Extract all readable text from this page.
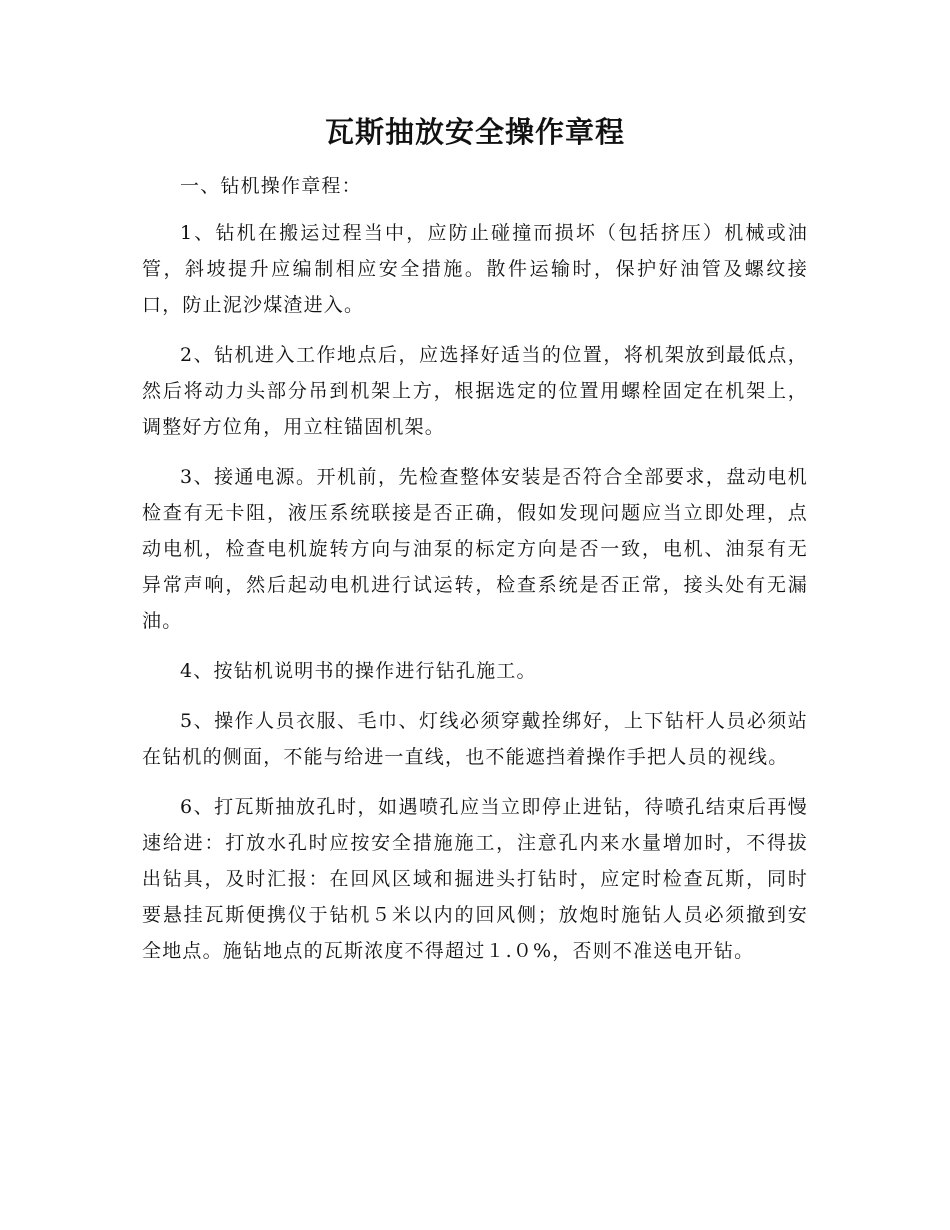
瓦斯抽放安全操作章程

一、钻机操作章程：

1、钻机在搬运过程当中，应防止碰撞而损坏（包括挤压）机械或油管，斜坡提升应编制相应安全措施。散件运输时，保护好油管及螺纹接口，防止泥沙煤渣进入。

2、钻机进入工作地点后，应选择好适当的位置，将机架放到最低点，然后将动力头部分吊到机架上方，根据选定的位置用螺栓固定在机架上，调整好方位角，用立柱锚固机架。

3、接通电源。开机前，先检查整体安装是否符合全部要求，盘动电机检查有无卡阻，液压系统联接是否正确，假如发现问题应当立即处理，点动电机，检查电机旋转方向与油泵的标定方向是否一致，电机、油泵有无异常声响，然后起动电机进行试运转，检查系统是否正常，接头处有无漏油。

4、按钻机说明书的操作进行钻孔施工。

5、操作人员衣服、毛巾、灯线必须穿戴拴绑好，上下钻杆人员必须站在钻机的侧面，不能与给进一直线，也不能遮挡着操作手把人员的视线。

6、打瓦斯抽放孔时，如遇喷孔应当立即停止进钻，待喷孔结束后再慢速给进：打放水孔时应按安全措施施工，注意孔内来水量增加时，不得拔出钻具，及时汇报：在回风区域和掘进头打钻时，应定时检查瓦斯，同时要悬挂瓦斯便携仪于钻机５米以内的回风侧；放炮时施钻人员必须撤到安全地点。施钻地点的瓦斯浓度不得超过１.０%，否则不准送电开钻。
